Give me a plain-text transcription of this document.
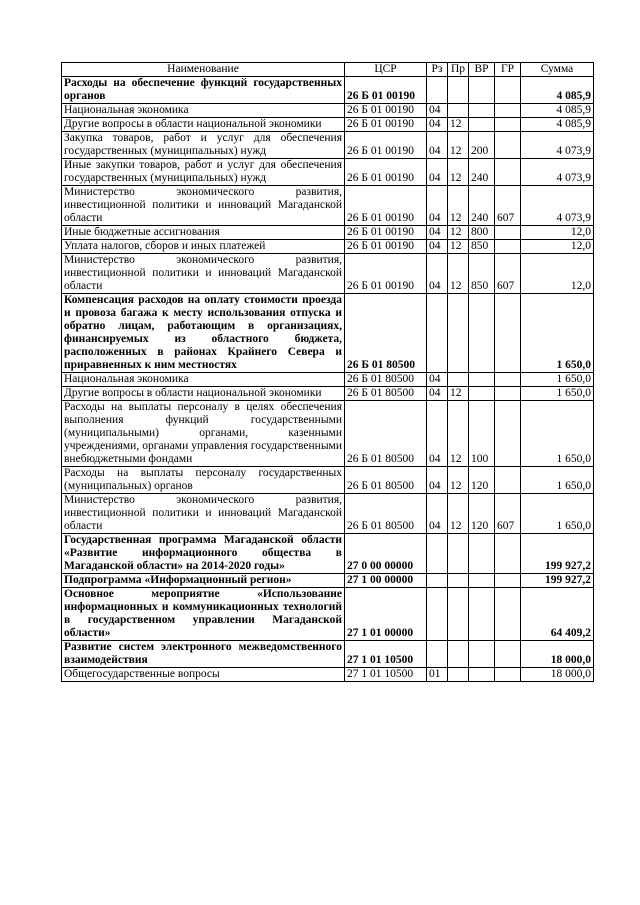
Наименование	ЦСР	Рз	Пр	ВР	ГР	Сумма
Расходы на обеспечение функций государственных органов	26 Б 01 00190					4 085,9
Национальная экономика	26 Б 01 00190	04				4 085,9
Другие вопросы в области национальной экономики	26 Б 01 00190	04	12			4 085,9
Закупка товаров, работ и услуг для обеспечения государственных (муниципальных) нужд	26 Б 01 00190	04	12	200		4 073,9
Иные закупки товаров, работ и услуг для обеспечения государственных (муниципальных) нужд	26 Б 01 00190	04	12	240		4 073,9
Министерство экономического развития, инвестиционной политики и инноваций Магаданской области	26 Б 01 00190	04	12	240	607	4 073,9
Иные бюджетные ассигнования	26 Б 01 00190	04	12	800		12,0
Уплата налогов, сборов и иных платежей	26 Б 01 00190	04	12	850		12,0
Министерство экономического развития, инвестиционной политики и инноваций Магаданской области	26 Б 01 00190	04	12	850	607	12,0
Компенсация расходов на оплату стоимости проезда и провоза багажа к месту использования отпуска и обратно лицам, работающим в организациях, финансируемых из областного бюджета, расположенных в районах Крайнего Севера и приравненных к ним местностях	26 Б 01 80500					1 650,0
Национальная экономика	26 Б 01 80500	04				1 650,0
Другие вопросы в области национальной экономики	26 Б 01 80500	04	12			1 650,0
Расходы на выплаты персоналу в целях обеспечения выполнения функций государственными (муниципальными) органами, казенными учреждениями, органами управления государственными внебюджетными фондами	26 Б 01 80500	04	12	100		1 650,0
Расходы на выплаты персоналу государственных (муниципальных) органов	26 Б 01 80500	04	12	120		1 650,0
Министерство экономического развития, инвестиционной политики и инноваций Магаданской области	26 Б 01 80500	04	12	120	607	1 650,0
Государственная программа Магаданской области «Развитие информационного общества в Магаданской области» на 2014-2020 годы»	27 0 00 00000					199 927,2
Подпрограмма «Информационный регион»	27 1 00 00000					199 927,2
Основное мероприятие «Использование информационных и коммуникационных технологий в государственном управлении Магаданской области»	27 1 01 00000					64 409,2
Развитие систем электронного межведомственного взаимодействия	27 1 01 10500					18 000,0
Общегосударственные вопросы	27 1 01 10500	01				18 000,0
